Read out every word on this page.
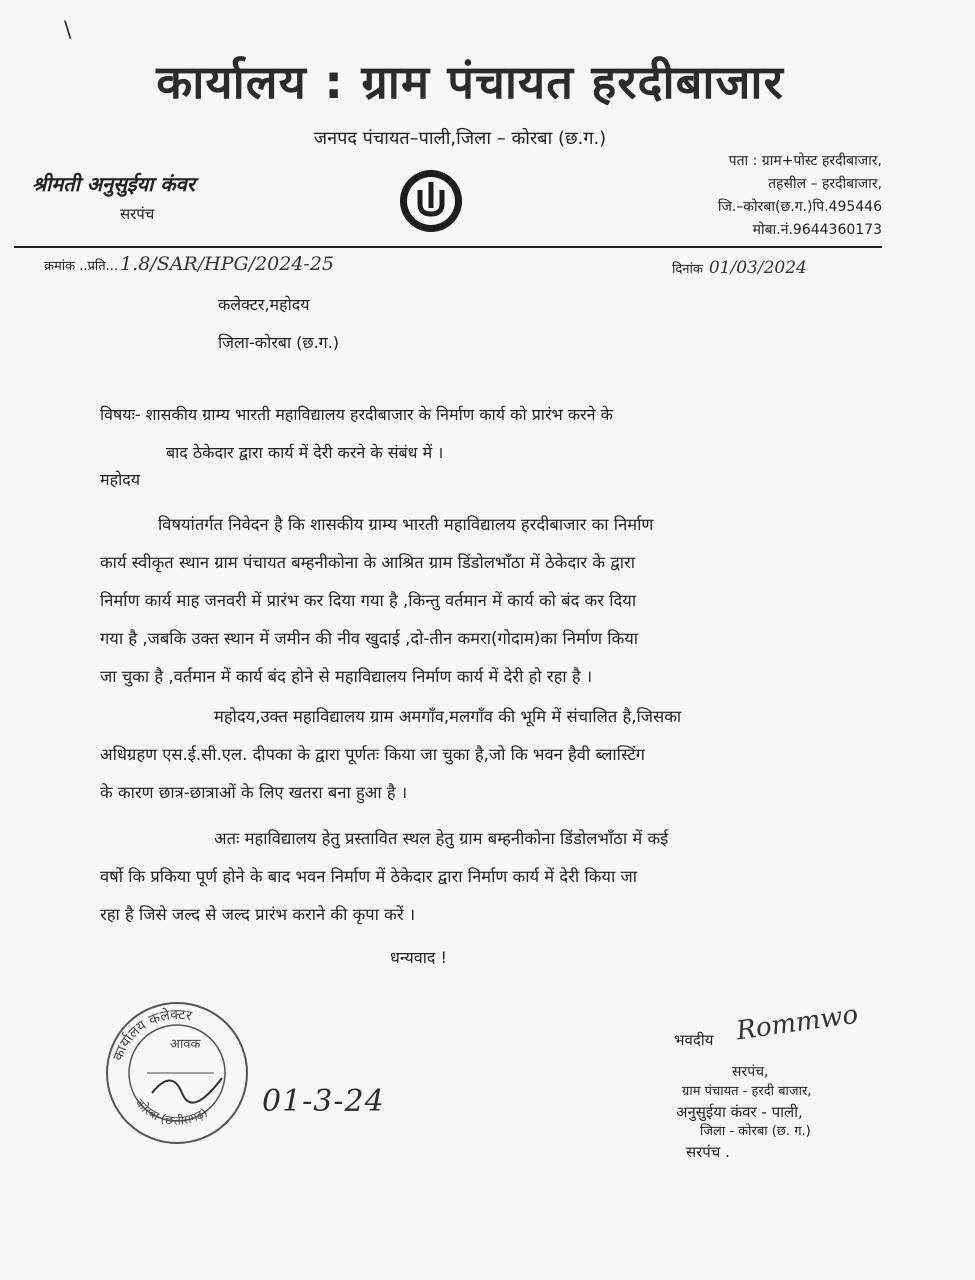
\
कार्यालय : ग्राम पंचायत हरदीबाजार
जनपद पंचायत–पाली,जिला – कोरबा (छ.ग.)
श्रीमती अनुसुईया कंवर
सरपंच
पता : ग्राम+पोस्ट हरदीबाजार,
तहसील – हरदीबाजार,
जि.–कोरबा(छ.ग.)पि.495446
मोबा.नं.9644360173
क्रमांक ..प्रति... 1.8/SAR/HPG/2024-25	दिनांक 01/03/2024
कलेक्टर,महोदय
जिला-कोरबा (छ.ग.)
विषयः- शासकीय ग्राम्य भारती महाविद्यालय हरदीबाजार के निर्माण कार्य को प्रारंभ करने के
बाद ठेकेदार द्वारा कार्य में देरी करने के संबंध में ।
महोदय
विषयांतर्गत निवेदन है कि शासकीय ग्राम्य भारती महाविद्यालय हरदीबाजार का निर्माण
कार्य स्वीकृत स्थान ग्राम पंचायत बम्हनीकोना के आश्रित ग्राम डिंडोलभाँठा में ठेकेदार के द्वारा
निर्माण कार्य माह जनवरी में प्रारंभ कर दिया गया है ,किन्तु वर्तमान में कार्य को बंद कर दिया
गया है ,जबकि उक्त स्थान में जमीन की नीव खुदाई ,दो-तीन कमरा(गोदाम)का निर्माण किया
जा चुका है ,वर्तमान में कार्य बंद होने से महाविद्यालय निर्माण कार्य में देरी हो रहा है ।
महोदय,उक्त महाविद्यालय ग्राम अमगाँव,मलगाँव की भूमि में संचालित है,जिसका
अधिग्रहण एस.ई.सी.एल. दीपका के द्वारा पूर्णतः किया जा चुका है,जो कि भवन हैवी ब्लास्टिंग
के कारण छात्र-छात्राओं के लिए खतरा बना हुआ है ।
अतः महाविद्यालय हेतु प्रस्तावित स्थल हेतु ग्राम बम्हनीकोना डिंडोलभाँठा में कई
वर्षो कि प्रकिया पूर्ण होने के बाद भवन निर्माण में ठेकेदार द्वारा निर्माण कार्य में देरी किया जा
रहा है जिसे जल्द से जल्द प्रारंभ कराने की कृपा करें ।
धन्यवाद !
कार्यालय कलेक्टर
कोरबा (छत्तीसगढ़)
आवक
01-3-24
भवदीय Rommwo
सरपंच,
ग्राम पंचायत - हरदी बाजार,
अनुसुईया कंवर - पाली,
जिला - कोरबा (छ. ग.)
सरपंच .
